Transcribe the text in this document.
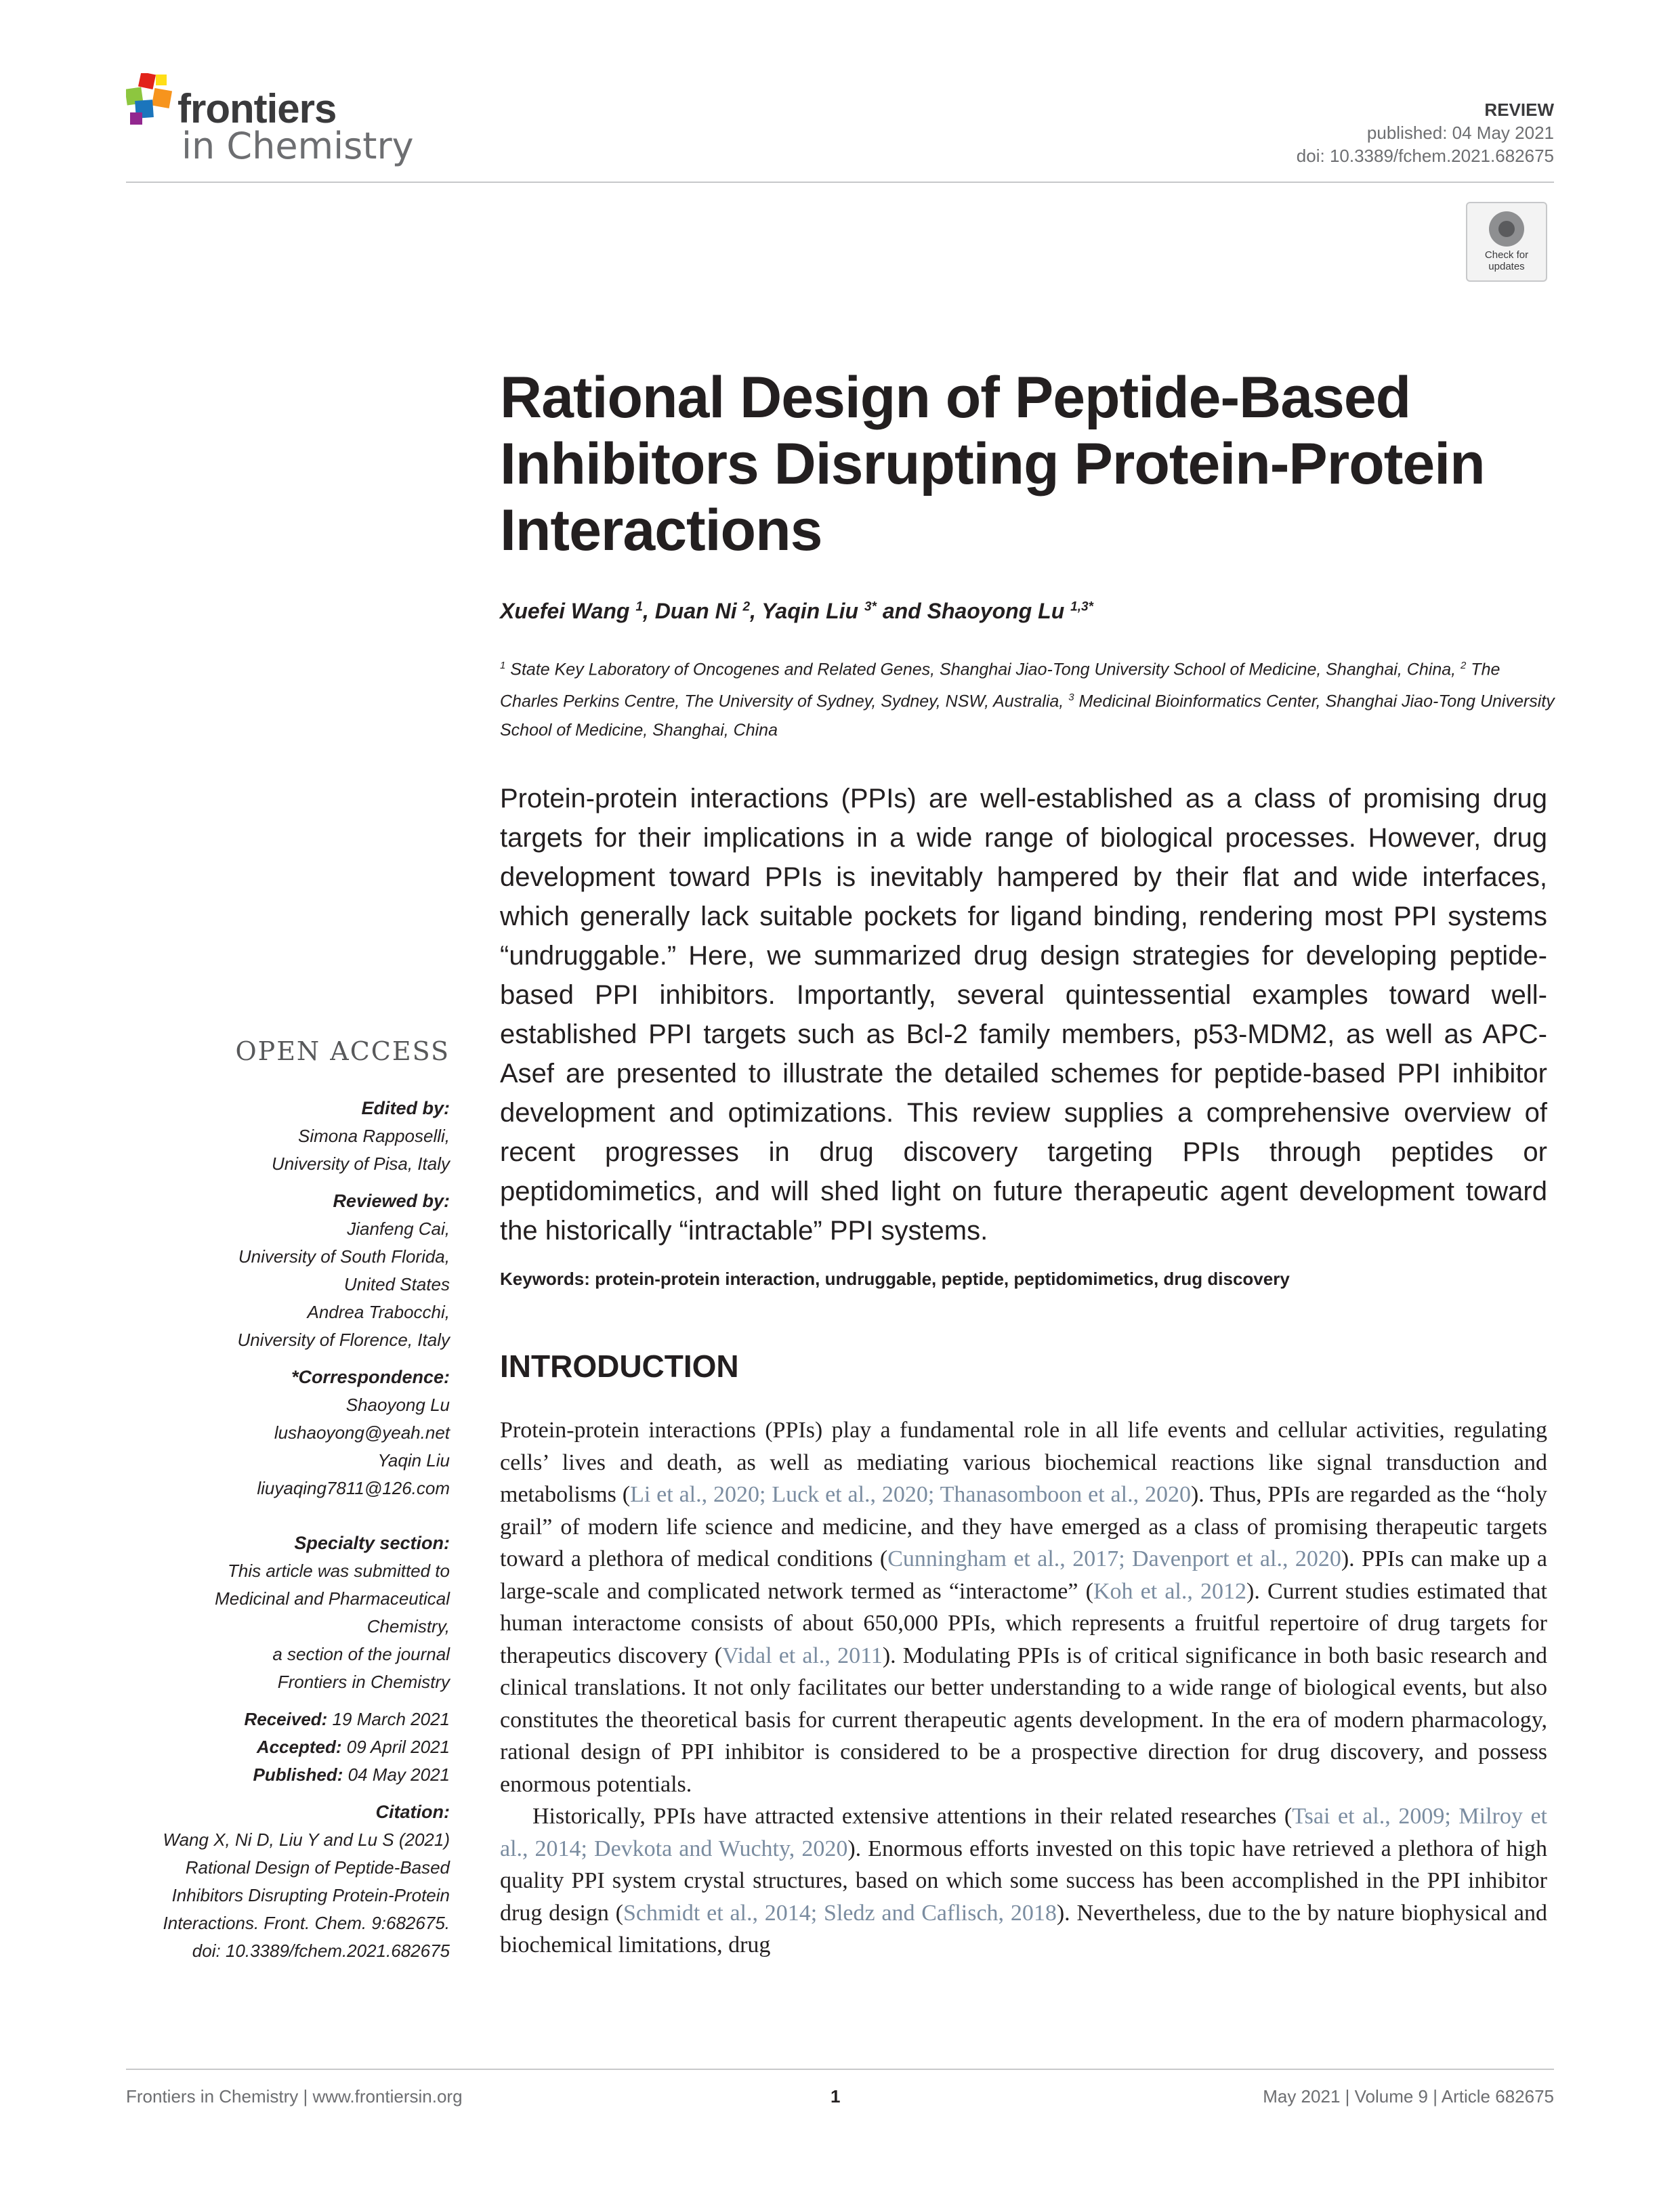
frontiers
in Chemistry
REVIEW
published: 04 May 2021
doi: 10.3389/fchem.2021.682675
Check for
updates
Rational Design of Peptide-Based Inhibitors Disrupting Protein-Protein Interactions
Xuefei Wang $^1$, Duan Ni $^2$, Yaqin Liu $^{3*}$ and Shaoyong Lu $^{1,3*}$
$^1$ State Key Laboratory of Oncogenes and Related Genes, Shanghai Jiao-Tong University School of Medicine, Shanghai, China, $^2$ The Charles Perkins Centre, The University of Sydney, Sydney, NSW, Australia, $^3$ Medicinal Bioinformatics Center, Shanghai Jiao-Tong University School of Medicine, Shanghai, China
Protein-protein interactions (PPIs) are well-established as a class of promising drug targets for their implications in a wide range of biological processes. However, drug development toward PPIs is inevitably hampered by their flat and wide interfaces, which generally lack suitable pockets for ligand binding, rendering most PPI systems “undruggable.” Here, we summarized drug design strategies for developing peptide-based PPI inhibitors. Importantly, several quintessential examples toward well-established PPI targets such as Bcl-2 family members, p53-MDM2, as well as APC-Asef are presented to illustrate the detailed schemes for peptide-based PPI inhibitor development and optimizations. This review supplies a comprehensive overview of recent progresses in drug discovery targeting PPIs through peptides or peptidomimetics, and will shed light on future therapeutic agent development toward the historically “intractable” PPI systems.
Keywords: protein-protein interaction, undruggable, peptide, peptidomimetics, drug discovery
INTRODUCTION

Protein-protein interactions (PPIs) play a fundamental role in all life events and cellular activities, regulating cells’ lives and death, as well as mediating various biochemical reactions like signal transduction and metabolisms (Li et al., 2020; Luck et al., 2020; Thanasomboon et al., 2020). Thus, PPIs are regarded as the “holy grail” of modern life science and medicine, and they have emerged as a class of promising therapeutic targets toward a plethora of medical conditions (Cunningham et al., 2017; Davenport et al., 2020). PPIs can make up a large-scale and complicated network termed as “interactome” (Koh et al., 2012). Current studies estimated that human interactome consists of about 650,000 PPIs, which represents a fruitful repertoire of drug targets for therapeutics discovery (Vidal et al., 2011). Modulating PPIs is of critical significance in both basic research and clinical translations. It not only facilitates our better understanding to a wide range of biological events, but also constitutes the theoretical basis for current therapeutic agents development. In the era of modern pharmacology, rational design of PPI inhibitor is considered to be a prospective direction for drug discovery, and possess enormous potentials.

Historically, PPIs have attracted extensive attentions in their related researches (Tsai et al., 2009; Milroy et al., 2014; Devkota and Wuchty, 2020). Enormous efforts invested on this topic have retrieved a plethora of high quality PPI system crystal structures, based on which some success has been accomplished in the PPI inhibitor drug design (Schmidt et al., 2014; Sledz and Caflisch, 2018). Nevertheless, due to the by nature biophysical and biochemical limitations, drug

OPEN ACCESS
Edited by:
Simona Rapposelli,
University of Pisa, Italy
Reviewed by:
Jianfeng Cai,
University of South Florida,
United States
Andrea Trabocchi,
University of Florence, Italy
*Correspondence:
Shaoyong Lu
lushaoyong@yeah.net
Yaqin Liu
liuyaqing7811@126.com
Specialty section:
This article was submitted to
Medicinal and Pharmaceutical
Chemistry,
a section of the journal
Frontiers in Chemistry
Received: 19 March 2021
Accepted: 09 April 2021
Published: 04 May 2021
Citation:
Wang X, Ni D, Liu Y and Lu S (2021)
Rational Design of Peptide-Based
Inhibitors Disrupting Protein-Protein
Interactions. Front. Chem. 9:682675.
doi: 10.3389/fchem.2021.682675
Frontiers in Chemistry | www.frontiersin.org	1	May 2021 | Volume 9 | Article 682675
